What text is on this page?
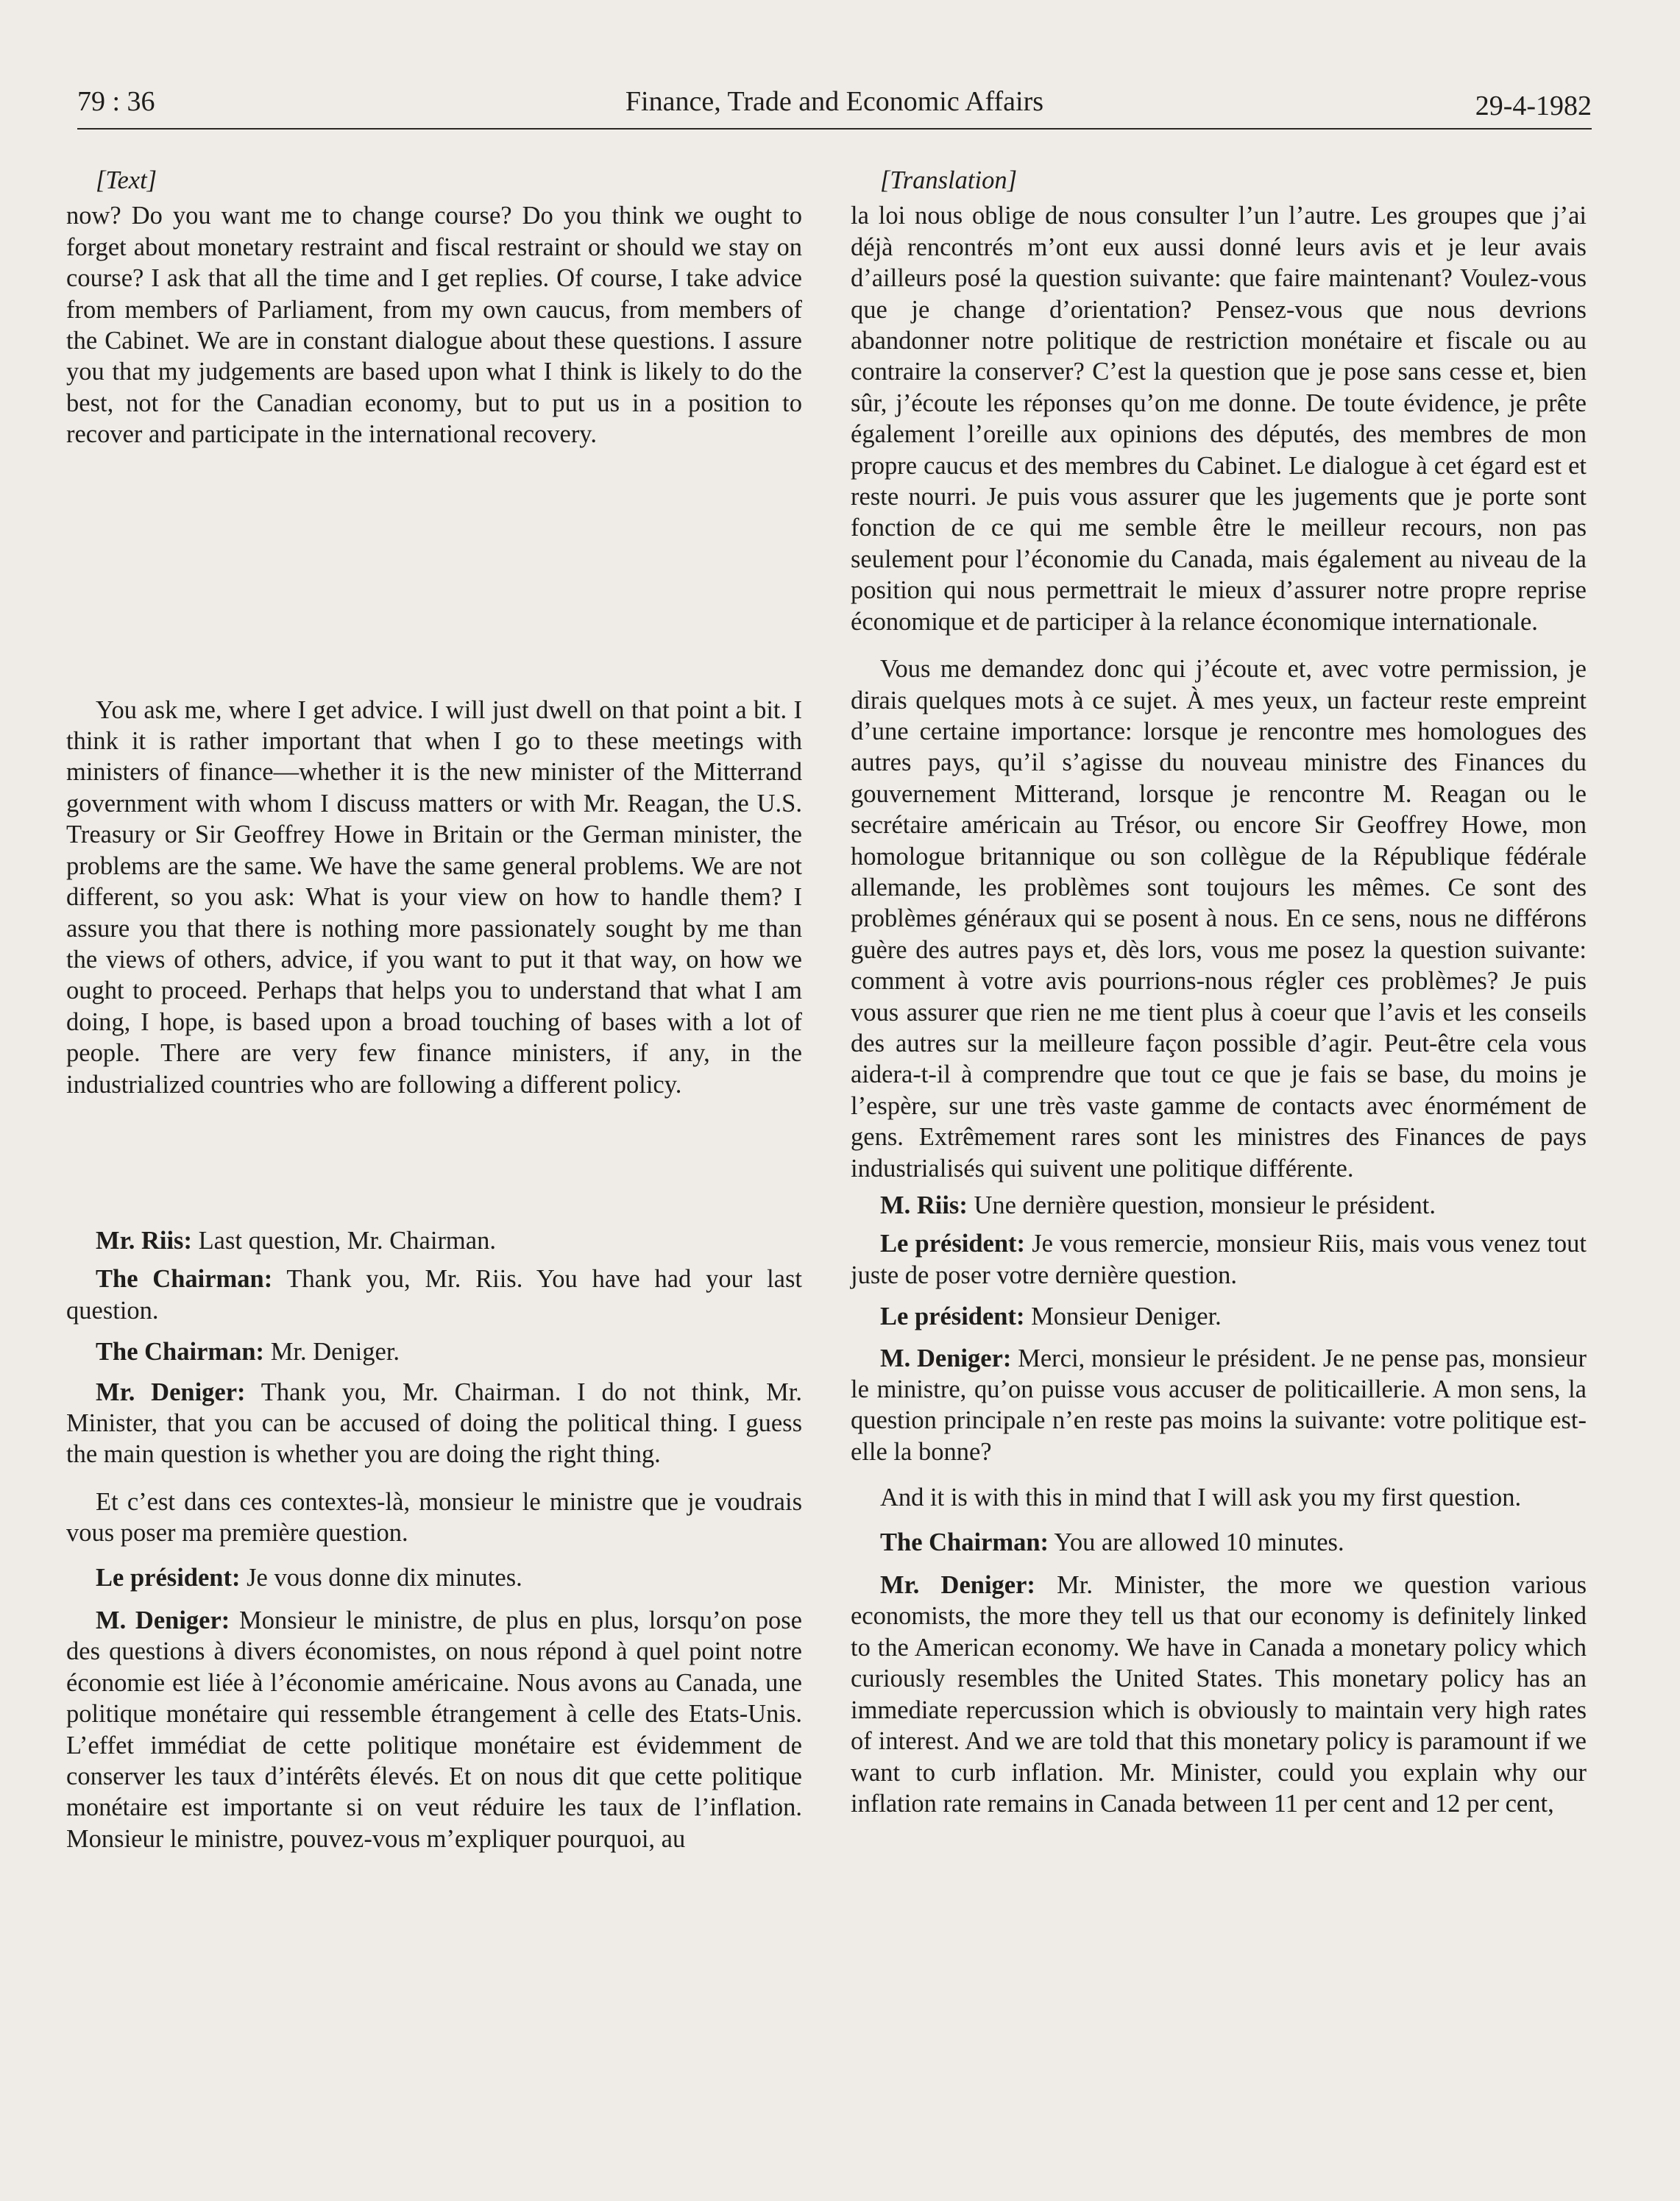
79 : 36	Finance, Trade and Economic Affairs	29-4-1982
[Text]

now? Do you want me to change course? Do you think we ought to forget about monetary restraint and fiscal restraint or should we stay on course? I ask that all the time and I get replies. Of course, I take advice from members of Parliament, from my own caucus, from members of the Cabinet. We are in constant dialogue about these questions. I assure you that my judgements are based upon what I think is likely to do the best, not for the Canadian economy, but to put us in a position to recover and participate in the international recovery.

You ask me, where I get advice. I will just dwell on that point a bit. I think it is rather important that when I go to these meetings with ministers of finance—whether it is the new minister of the Mitterrand government with whom I discuss matters or with Mr. Reagan, the U.S. Treasury or Sir Geoffrey Howe in Britain or the German minister, the problems are the same. We have the same general problems. We are not different, so you ask: What is your view on how to handle them? I assure you that there is nothing more passionately sought by me than the views of others, advice, if you want to put it that way, on how we ought to proceed. Perhaps that helps you to understand that what I am doing, I hope, is based upon a broad touching of bases with a lot of people. There are very few finance ministers, if any, in the industrialized countries who are following a different policy.

Mr. Riis: Last question, Mr. Chairman.

The Chairman: Thank you, Mr. Riis. You have had your last question.

The Chairman: Mr. Deniger.

Mr. Deniger: Thank you, Mr. Chairman. I do not think, Mr. Minister, that you can be accused of doing the political thing. I guess the main question is whether you are doing the right thing.

Et c’est dans ces contextes-là, monsieur le ministre que je voudrais vous poser ma première question.

Le président: Je vous donne dix minutes.

M. Deniger: Monsieur le ministre, de plus en plus, lorsqu’on pose des questions à divers économistes, on nous répond à quel point notre économie est liée à l’économie américaine. Nous avons au Canada, une politique monétaire qui ressemble étrangement à celle des Etats-Unis. L’effet immédiat de cette politique monétaire est évidemment de conserver les taux d’intérêts élevés. Et on nous dit que cette politique monétaire est importante si on veut réduire les taux de l’inflation. Monsieur le ministre, pouvez-vous m’expliquer pourquoi, au

[Translation]

la loi nous oblige de nous consulter l’un l’autre. Les groupes que j’ai déjà rencontrés m’ont eux aussi donné leurs avis et je leur avais d’ailleurs posé la question suivante: que faire maintenant? Voulez-vous que je change d’orientation? Pensez-vous que nous devrions abandonner notre politique de restriction monétaire et fiscale ou au contraire la conserver? C’est la question que je pose sans cesse et, bien sûr, j’écoute les réponses qu’on me donne. De toute évidence, je prête également l’oreille aux opinions des députés, des membres de mon propre caucus et des membres du Cabinet. Le dialogue à cet égard est et reste nourri. Je puis vous assurer que les jugements que je porte sont fonction de ce qui me semble être le meilleur recours, non pas seulement pour l’économie du Canada, mais également au niveau de la position qui nous permettrait le mieux d’assurer notre propre reprise économique et de participer à la relance économique internationale.

Vous me demandez donc qui j’écoute et, avec votre permission, je dirais quelques mots à ce sujet. À mes yeux, un facteur reste empreint d’une certaine importance: lorsque je rencontre mes homologues des autres pays, qu’il s’agisse du nouveau ministre des Finances du gouvernement Mitterand, lorsque je rencontre M. Reagan ou le secrétaire américain au Trésor, ou encore Sir Geoffrey Howe, mon homologue britannique ou son collègue de la République fédérale allemande, les problèmes sont toujours les mêmes. Ce sont des problèmes généraux qui se posent à nous. En ce sens, nous ne différons guère des autres pays et, dès lors, vous me posez la question suivante: comment à votre avis pourrions-nous régler ces problèmes? Je puis vous assurer que rien ne me tient plus à coeur que l’avis et les conseils des autres sur la meilleure façon possible d’agir. Peut-être cela vous aidera-t-il à comprendre que tout ce que je fais se base, du moins je l’espère, sur une très vaste gamme de contacts avec énormément de gens. Extrêmement rares sont les ministres des Finances de pays industrialisés qui suivent une politique différente.

M. Riis: Une dernière question, monsieur le président.

Le président: Je vous remercie, monsieur Riis, mais vous venez tout juste de poser votre dernière question.

Le président: Monsieur Deniger.

M. Deniger: Merci, monsieur le président. Je ne pense pas, monsieur le ministre, qu’on puisse vous accuser de politicaillerie. A mon sens, la question principale n’en reste pas moins la suivante: votre politique est-elle la bonne?

And it is with this in mind that I will ask you my first question.

The Chairman: You are allowed 10 minutes.

Mr. Deniger: Mr. Minister, the more we question various economists, the more they tell us that our economy is definitely linked to the American economy. We have in Canada a monetary policy which curiously resembles the United States. This monetary policy has an immediate repercussion which is obviously to maintain very high rates of interest. And we are told that this monetary policy is paramount if we want to curb inflation. Mr. Minister, could you explain why our inflation rate remains in Canada between 11 per cent and 12 per cent,
